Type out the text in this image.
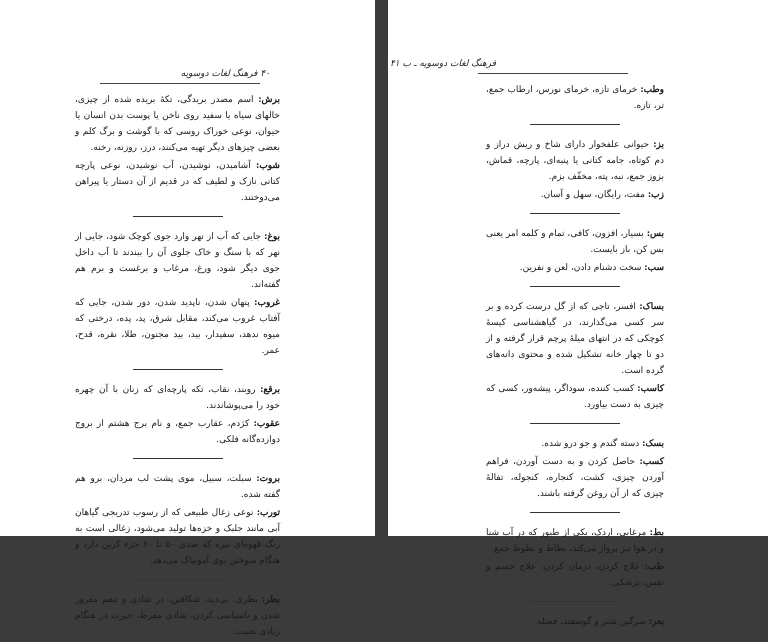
۴۰ فرهنگ لغات دوسویه

برش: اسم مصدر بریدگی، تکهٔ بریده شده از چیزی، خالهای سیاه یا سفید روی ناخن یا پوست بدن انسان یا حیوان، نوعی خوراک روسی که با گوشت و برگ کلم و بعضی چیزهای دیگر تهیه می‌کنند، درز، روزنه، رخنه.

شوب: آشامیدن، نوشیدن، آب نوشیدن، نوعی پارچه کتانی نازک و لطیف که در قدیم از آن دستار یا پیراهن می‌دوختند.

بوغ: جایی که آب از نهر وارد جوی کوچک شود، جایی از نهر که با سنگ و خاک جلوی آن را ببندند تا آب داخل جوی دیگر شود، ورغ، مرغاب و برغست و برم هم گفته‌اند.

غروب: پنهان شدن، ناپدید شدن، دور شدن، جایی که آفتاب غروب می‌کند، مقابل شرق، پد، پده، درختی که میوه ندهد، سفیدار، بید، بید مجنون، طلا، نقره، قدح، عمر.

برقع: روبند، نقاب، تکه پارچه‌ای که زنان با آن چهره خود را می‌پوشاندند.

عقوب: کژدم، عقارب جمع، و نام برج هشتم از بروج دوازده‌گانه فلکی.

بروت: سبلت، سبیل، موی پشت لب مردان، برو هم گفته شده.

تورب: نوعی زغال طبیعی که از رسوب تدریجی گیاهان آبی مانند جلبک و خزه‌ها تولید می‌شود، زغالی است به رنگ قهوه‌ای تیره که صدی ۵۰ تا ۶۰ جزء کربن دارد و هنگام سوختن بوی آمونیاک می‌دهد.

بطر: بطری، بی‌دید، شکافتن، در شادی و تنعم مغرور شدن و ناسپاسی کردن، شادی مفرط، حیرت در هنگام زیادی نعمت.

فرهنگ لغات دوسویه ـ ب ۴۱

وطب: خرمای تازه، خرمای نورس، ارطاب جمع، تر، تازه.

بز: حیوانی علفخوار دارای شاخ و ریش دراز و دم کوتاه، جامه کتانی یا پنبه‌ای، پارچه، قماش، بزوز جمع، نبه، پته، مخفّف بزم.

زب: مفت، رایگان، سهل و آسان.

بس: بسیار، افزون، کافی، تمام و کلمه امر یعنی بس کن، باز بایست.

سب: سخت دشنام دادن، لعن و نفرین.

بساک: افسر، تاجی که از گل درست کرده و بر سر کسی می‌گذارند، در گیاهشناسی کیسهٔ کوچکی که در انتهای میلهٔ پرچم قرار گرفته و از دو تا چهار خانه تشکیل شده و محتوی دانه‌های گرده است.

کاسب: کسب کننده، سوداگر، پیشه‌ور، کسی که چیزی به دست بیاورد.

بسک: دسته گندم و جو درو شده.

کسب: حاصل کردن و به دست آوردن، فراهم آوردن چیزی، کشت، کنجاره، کنجوله، تفالهٔ چیزی که از آن روغن گرفته باشند.

بط: مرغابی، اردک، یکی از طیور که در آب شنا و در هوا نیز پرواز می‌کند، بطاط و بطوط جمع.

طب: علاج کردن، درمان کردن، علاج جسم و نفس، پزشکی.

بعر: سرگین شتر و گوسفند، فضله.
